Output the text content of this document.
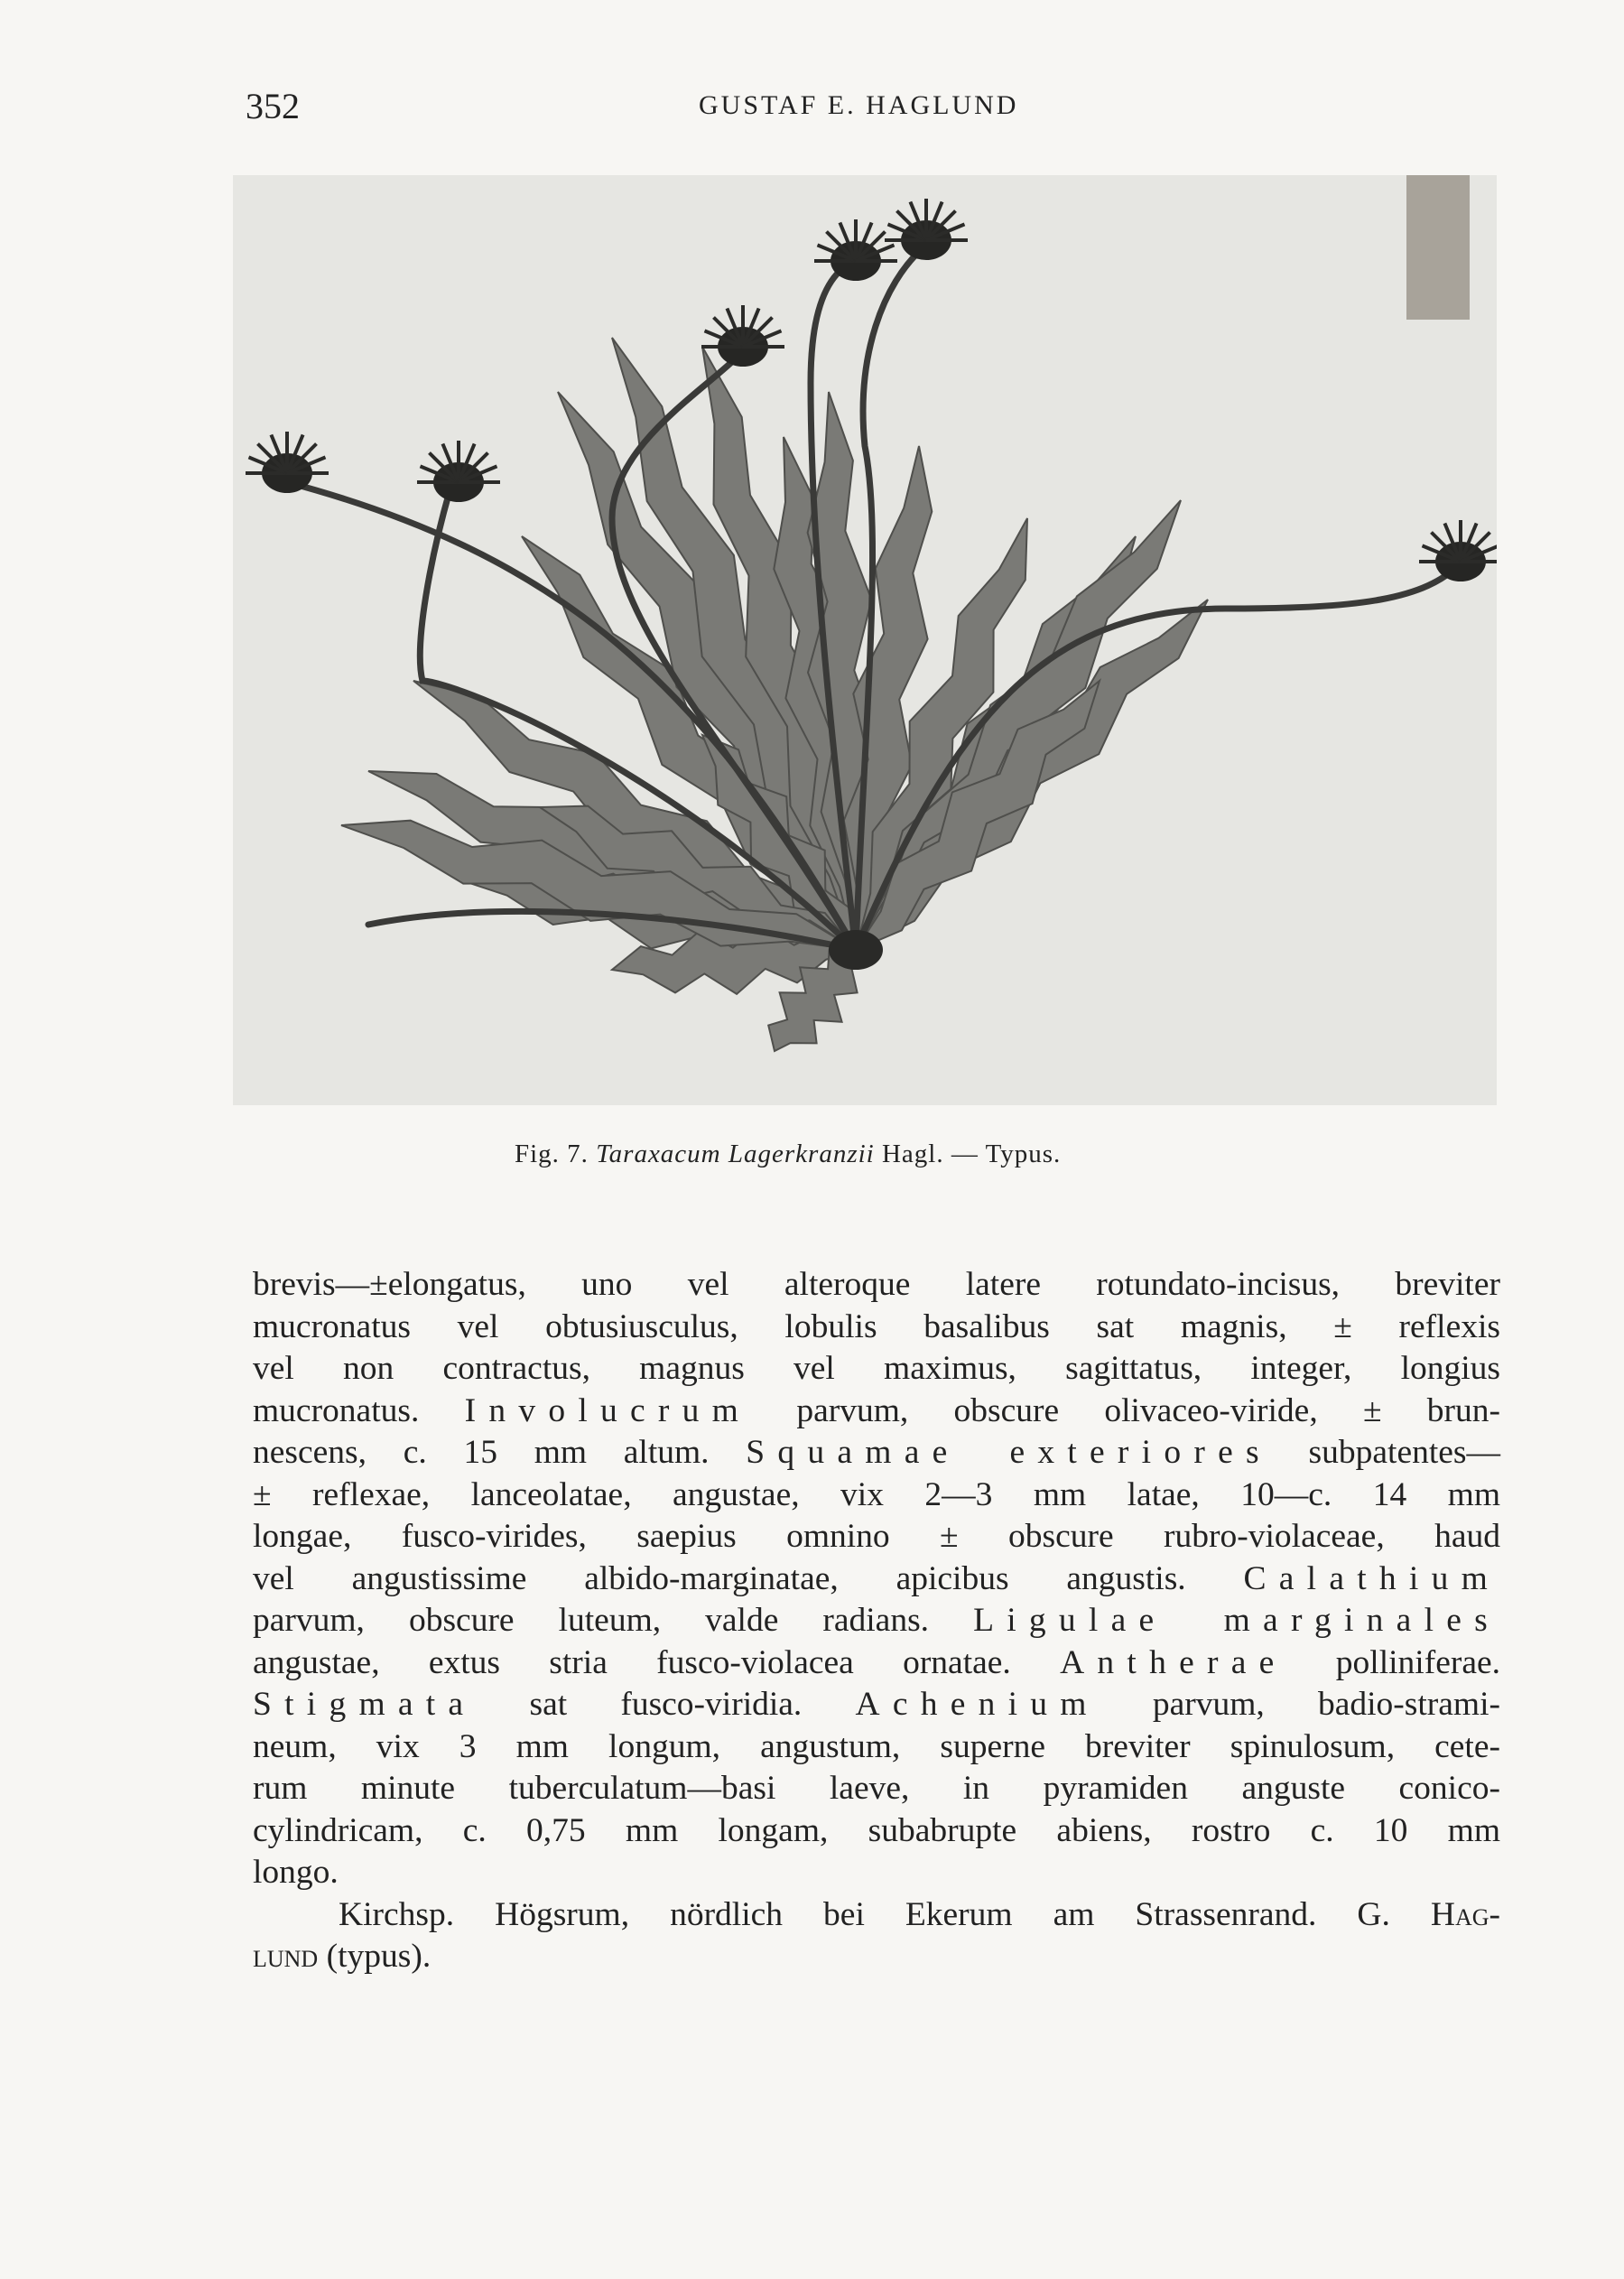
352	GUSTAF E. HAGLUND
Fig. 7. Taraxacum Lagerkranzii Hagl. — Typus.
brevis—±elongatus, uno vel alteroque latere rotundato-incisus, breviter
mucronatus vel obtusiusculus, lobulis basalibus sat magnis, ± reflexis
vel non contractus, magnus vel maximus, sagittatus, integer, longius
mucronatus. Involucrum parvum, obscure olivaceo-viride, ± brun-
nescens, c. 15 mm altum. Squamae exteriores subpatentes—
± reflexae, lanceolatae, angustae, vix 2—3 mm latae, 10—c. 14 mm
longae, fusco-virides, saepius omnino ± obscure rubro-violaceae, haud
vel angustissime albido-marginatae, apicibus angustis. Calathium
parvum, obscure luteum, valde radians. Ligulae marginales
angustae, extus stria fusco-violacea ornatae. Antherae polliniferae.
Stigmata sat fusco-viridia. Achenium parvum, badio-strami-
neum, vix 3 mm longum, angustum, superne breviter spinulosum, cete-
rum minute tuberculatum—basi laeve, in pyramiden anguste conico-
cylindricam, c. 0,75 mm longam, subabrupte abiens, rostro c. 10 mm
longo.
Kirchsp. Högsrum, nördlich bei Ekerum am Strassenrand. G. Hag-
lund (typus).
